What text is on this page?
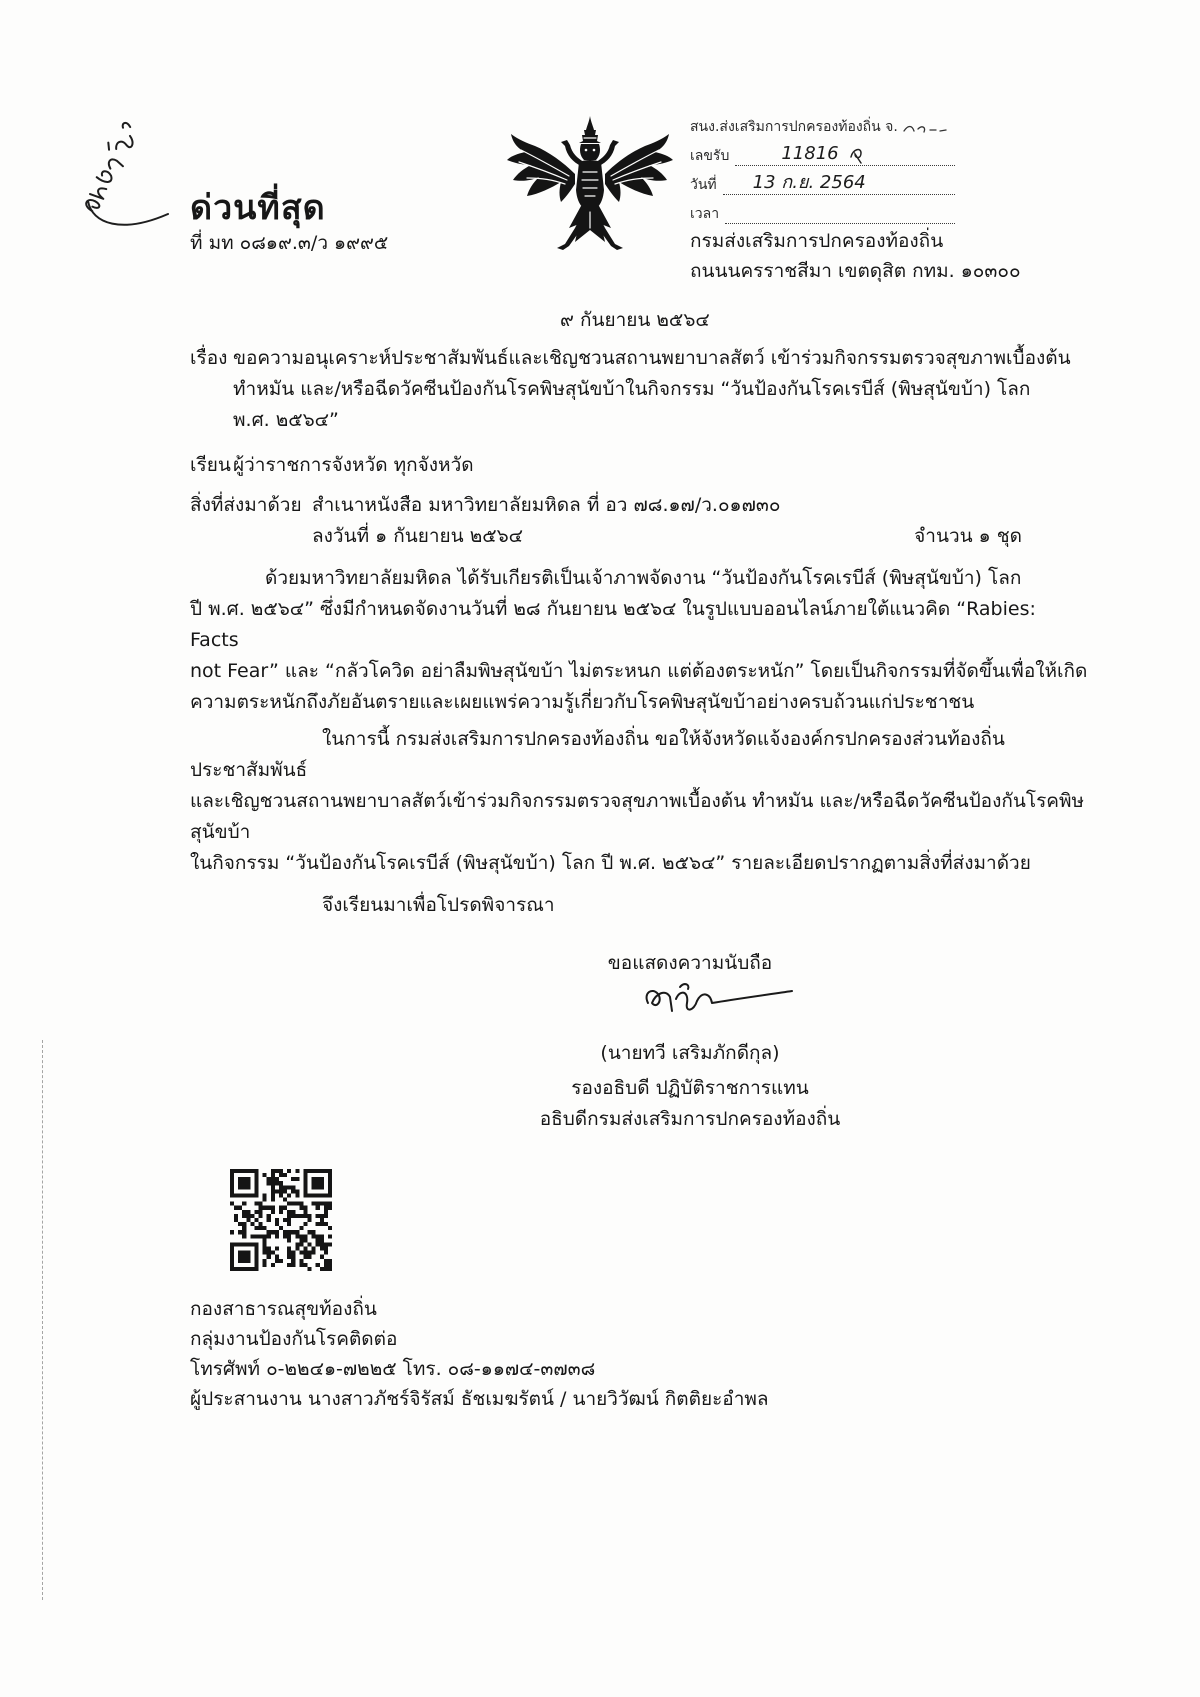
ด่วนที่สุด
ที่ มท ๐๘๑๙.๓/ว ๑๙๙๕
สนง.ส่งเสริมการปกครองท้องถิ่น จ.
เลขรับ	11816
วันที่ 13 ก.ย. 2564
เวลา
กรมส่งเสริมการปกครองท้องถิ่น
ถนนนครราชสีมา เขตดุสิต กทม. ๑๐๓๐๐
๙ กันยายน ๒๕๖๔
เรื่อง ขอความอนุเคราะห์ประชาสัมพันธ์และเชิญชวนสถานพยาบาลสัตว์ เข้าร่วมกิจกรรมตรวจสุขภาพเบื้องต้น
ทำหมัน และ/หรือฉีดวัคซีนป้องกันโรคพิษสุนัขบ้าในกิจกรรม “วันป้องกันโรคเรบีส์ (พิษสุนัขบ้า) โลก
พ.ศ. ๒๕๖๔”
เรียน ผู้ว่าราชการจังหวัด ทุกจังหวัด
สิ่งที่ส่งมาด้วย สำเนาหนังสือ มหาวิทยาลัยมหิดล ที่ อว ๗๘.๑๗/ว.๐๑๗๓๐
ลงวันที่ ๑ กันยายน ๒๕๖๔	จำนวน ๑ ชุด
ด้วยมหาวิทยาลัยมหิดล ได้รับเกียรติเป็นเจ้าภาพจัดงาน “วันป้องกันโรคเรบีส์ (พิษสุนัขบ้า) โลก
ปี พ.ศ. ๒๕๖๔” ซึ่งมีกำหนดจัดงานวันที่ ๒๘ กันยายน ๒๕๖๔ ในรูปแบบออนไลน์ภายใต้แนวคิด “Rabies: Facts
not Fear” และ “กลัวโควิด อย่าลืมพิษสุนัขบ้า ไม่ตระหนก แต่ต้องตระหนัก” โดยเป็นกิจกรรมที่จัดขึ้นเพื่อให้เกิด
ความตระหนักถึงภัยอันตรายและเผยแพร่ความรู้เกี่ยวกับโรคพิษสุนัขบ้าอย่างครบถ้วนแก่ประชาชน
ในการนี้ กรมส่งเสริมการปกครองท้องถิ่น ขอให้จังหวัดแจ้งองค์กรปกครองส่วนท้องถิ่น ประชาสัมพันธ์
และเชิญชวนสถานพยาบาลสัตว์เข้าร่วมกิจกรรมตรวจสุขภาพเบื้องต้น ทำหมัน และ/หรือฉีดวัคซีนป้องกันโรคพิษสุนัขบ้า
ในกิจกรรม “วันป้องกันโรคเรบีส์ (พิษสุนัขบ้า) โลก ปี พ.ศ. ๒๕๖๔” รายละเอียดปรากฏตามสิ่งที่ส่งมาด้วย
จึงเรียนมาเพื่อโปรดพิจารณา
ขอแสดงความนับถือ
(นายทวี เสริมภักดีกุล)
รองอธิบดี ปฏิบัติราชการแทน
อธิบดีกรมส่งเสริมการปกครองท้องถิ่น
กองสาธารณสุขท้องถิ่น
กลุ่มงานป้องกันโรคติดต่อ
โทรศัพท์ ๐-๒๒๔๑-๗๒๒๕ โทร. ๐๘-๑๑๗๔-๓๗๓๘
ผู้ประสานงาน นางสาวภัชร์จิรัสม์ ธัชเมฆรัตน์ / นายวิวัฒน์ กิตติยะอำพล
